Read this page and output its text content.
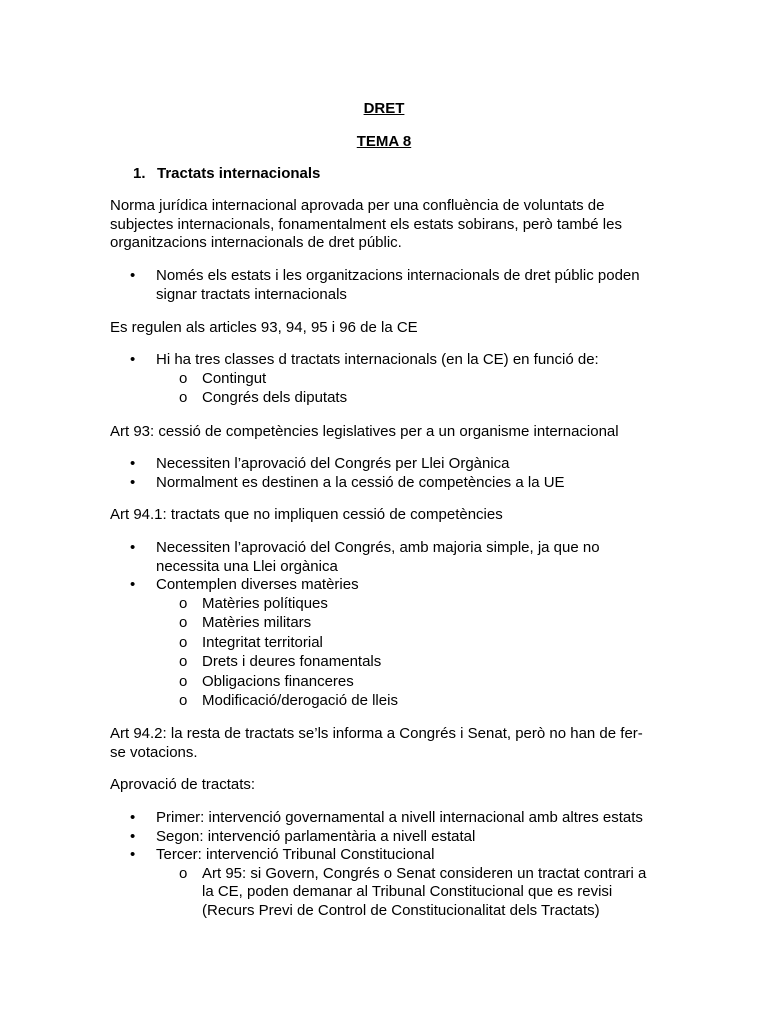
DRET

TEMA 8

1. Tractats internacionals

Norma jurídica internacional aprovada per una confluència de voluntats de subjectes internacionals, fonamentalment els estats sobirans, però també les organitzacions internacionals de dret públic.

• Només els estats i les organitzacions internacionals de dret públic poden signar tractats internacionals

Es regulen als articles 93, 94, 95 i 96 de la CE

• Hi ha tres classes d tractats internacionals (en la CE) en funció de:
o Contingut
o Congrés dels diputats

Art 93: cessió de competències legislatives per a un organisme internacional

• Necessiten l’aprovació del Congrés per Llei Orgànica
• Normalment es destinen a la cessió de competències a la UE

Art 94.1: tractats que no impliquen cessió de competències

• Necessiten l’aprovació del Congrés, amb majoria simple, ja que no necessita una Llei orgànica
• Contemplen diverses matèries
o Matèries polítiques
o Matèries militars
o Integritat territorial
o Drets i deures fonamentals
o Obligacions financeres
o Modificació/derogació de lleis

Art 94.2: la resta de tractats se’ls informa a Congrés i Senat, però no han de fer-se votacions.

Aprovació de tractats:

• Primer: intervenció governamental a nivell internacional amb altres estats
• Segon: intervenció parlamentària a nivell estatal
• Tercer: intervenció Tribunal Constitucional
o Art 95: si Govern, Congrés o Senat consideren un tractat contrari a la CE, poden demanar al Tribunal Constitucional que es revisi (Recurs Previ de Control de Constitucionalitat dels Tractats)
